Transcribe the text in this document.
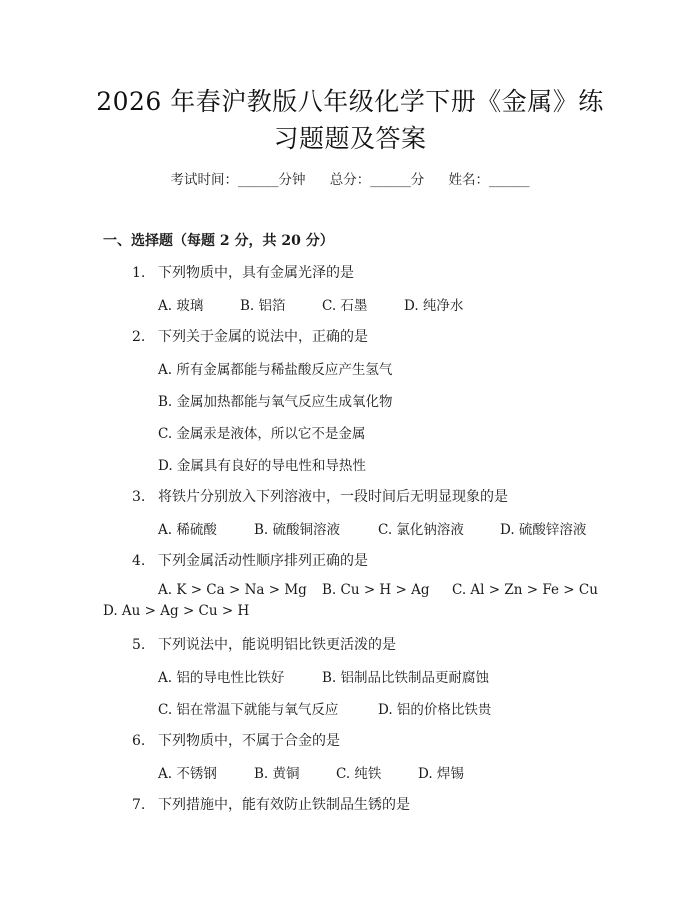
2026 年春沪教版八年级化学下册《金属》练
习题题及答案
考试时间：______分钟 总分：______分 姓名：______
一、选择题（每题 2 分，共 20 分）
1. 下列物质中，具有金属光泽的是
A. 玻璃	B. 铝箔	C. 石墨	D. 纯净水
2. 下列关于金属的说法中，正确的是
A. 所有金属都能与稀盐酸反应产生氢气
B. 金属加热都能与氧气反应生成氧化物
C. 金属汞是液体，所以它不是金属
D. 金属具有良好的导电性和导热性
3. 将铁片分别放入下列溶液中，一段时间后无明显现象的是
A. 稀硫酸	B. 硫酸铜溶液	C. 氯化钠溶液	D. 硫酸锌溶液
4. 下列金属活动性顺序排列正确的是
A. K > Ca > Na > Mg B. Cu > H > Ag C. Al > Zn > Fe > Cu
D. Au > Ag > Cu > H
5. 下列说法中，能说明铝比铁更活泼的是
A. 铝的导电性比铁好	B. 铝制品比铁制品更耐腐蚀
C. 铝在常温下就能与氧气反应	D. 铝的价格比铁贵
6. 下列物质中，不属于合金的是
A. 不锈钢	B. 黄铜	C. 纯铁	D. 焊锡
7. 下列措施中，能有效防止铁制品生锈的是
